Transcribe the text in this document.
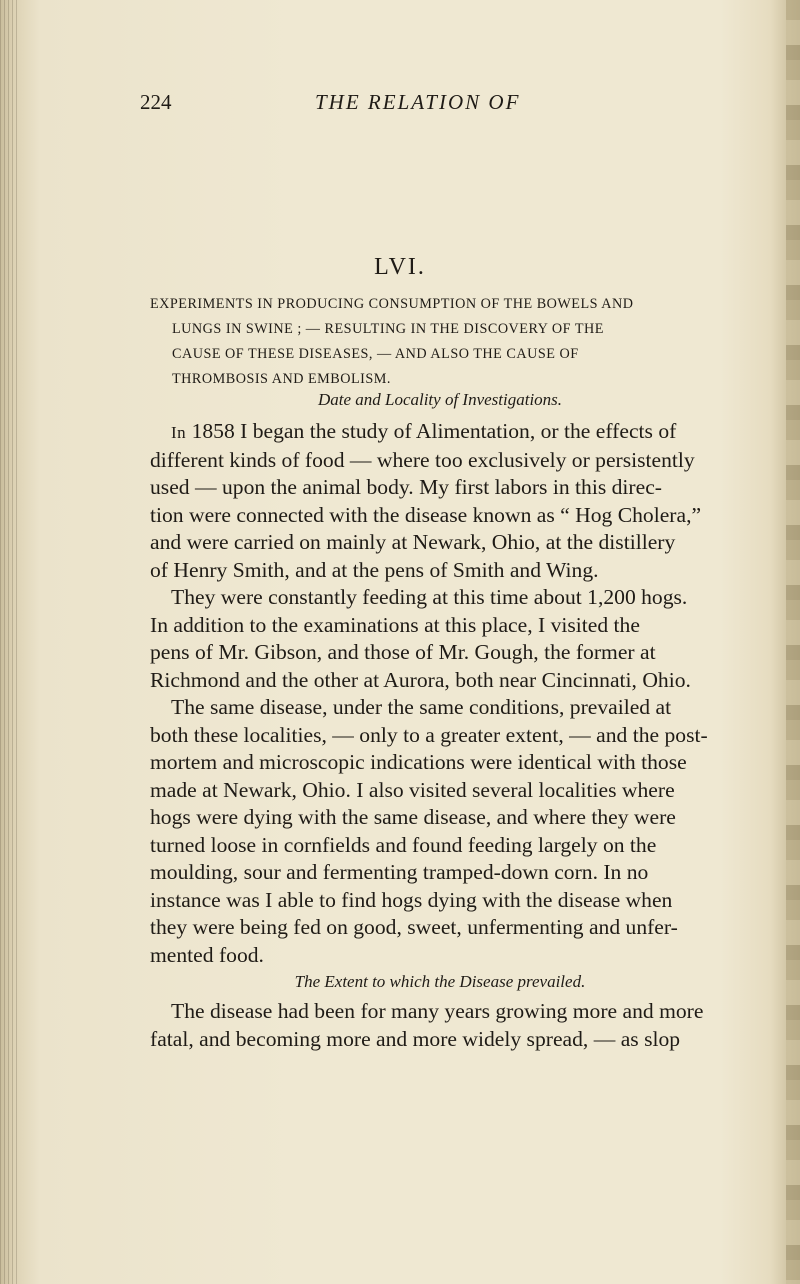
224	THE RELATION OF
LVI.
EXPERIMENTS IN PRODUCING CONSUMPTION OF THE BOWELS AND
LUNGS IN SWINE ; — RESULTING IN THE DISCOVERY OF THE
CAUSE OF THESE DISEASES, — AND ALSO THE CAUSE OF
THROMBOSIS AND EMBOLISM.
Date and Locality of Investigations.
In 1858 I began the study of Alimentation, or the effects of
different kinds of food — where too exclusively or persistently
used — upon the animal body. My first labors in this direc-
tion were connected with the disease known as “ Hog Cholera,”
and were carried on mainly at Newark, Ohio, at the distillery
of Henry Smith, and at the pens of Smith and Wing.
They were constantly feeding at this time about 1,200 hogs.
In addition to the examinations at this place, I visited the
pens of Mr. Gibson, and those of Mr. Gough, the former at
Richmond and the other at Aurora, both near Cincinnati, Ohio.
The same disease, under the same conditions, prevailed at
both these localities, — only to a greater extent, — and the post-
mortem and microscopic indications were identical with those
made at Newark, Ohio. I also visited several localities where
hogs were dying with the same disease, and where they were
turned loose in cornfields and found feeding largely on the
moulding, sour and fermenting tramped-down corn. In no
instance was I able to find hogs dying with the disease when
they were being fed on good, sweet, unfermenting and unfer-
mented food.
The Extent to which the Disease prevailed.
The disease had been for many years growing more and more
fatal, and becoming more and more widely spread, — as slop
